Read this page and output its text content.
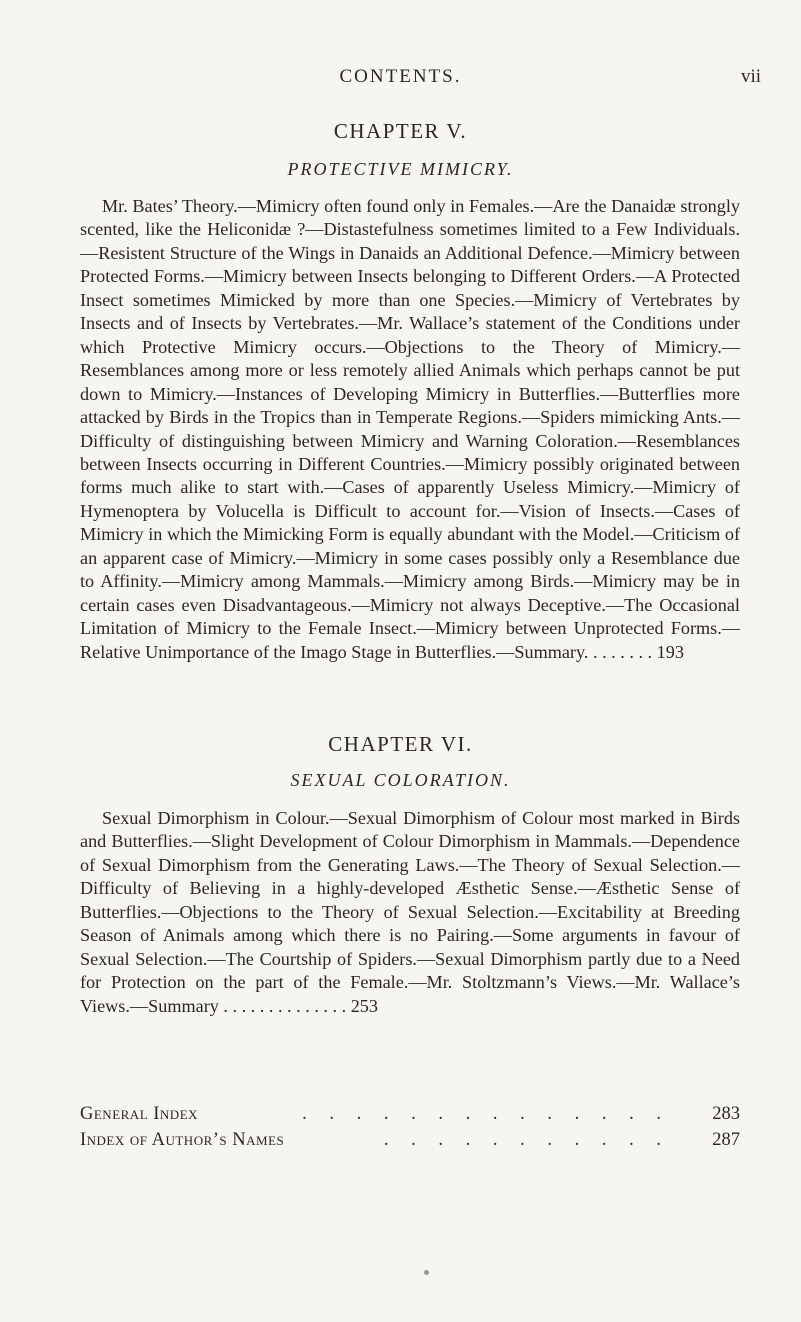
CONTENTS.	vii
CHAPTER V.
PROTECTIVE MIMICRY.

Mr. Bates’ Theory.—Mimicry often found only in Females.—Are the Danaidæ strongly scented, like the Heliconidæ ?—Distastefulness sometimes limited to a Few Individuals.—Resistent Structure of the Wings in Danaids an Additional Defence.—Mimicry between Protected Forms.—Mimicry between Insects belonging to Different Orders.—A Protected Insect sometimes Mimicked by more than one Species.—Mimicry of Vertebrates by Insects and of Insects by Vertebrates.—Mr. Wallace’s statement of the Conditions under which Protective Mimicry occurs.—Objections to the Theory of Mimicry.—Resemblances among more or less remotely allied Animals which perhaps cannot be put down to Mimicry.—Instances of Developing Mimicry in Butterflies.—Butterflies more attacked by Birds in the Tropics than in Temperate Regions.—Spiders mimicking Ants.—Difficulty of distinguishing between Mimicry and Warning Coloration.—Resemblances between Insects occurring in Different Countries.—Mimicry possibly originated between forms much alike to start with.—Cases of apparently Useless Mimicry.—Mimicry of Hymenoptera by Volucella is Difficult to account for.—Vision of Insects.—Cases of Mimicry in which the Mimicking Form is equally abundant with the Model.—Criticism of an apparent case of Mimicry.—Mimicry in some cases possibly only a Resemblance due to Affinity.—Mimicry among Mammals.—Mimicry among Birds.—Mimicry may be in certain cases even Disadvantageous.—Mimicry not always Deceptive.—The Occasional Limitation of Mimicry to the Female Insect.—Mimicry between Unprotected Forms.—Relative Unimportance of the Imago Stage in Butterflies.—Summary. . . . . . . . 193

CHAPTER VI.
SEXUAL COLORATION.

Sexual Dimorphism in Colour.—Sexual Dimorphism of Colour most marked in Birds and Butterflies.—Slight Development of Colour Dimorphism in Mammals.—Dependence of Sexual Dimorphism from the Generating Laws.—The Theory of Sexual Selection.—Difficulty of Believing in a highly-developed Æsthetic Sense.—Æsthetic Sense of Butterflies.—Objections to the Theory of Sexual Selection.—Excitability at Breeding Season of Animals among which there is no Pairing.—Some arguments in favour of Sexual Selection.—The Courtship of Spiders.—Sexual Dimorphism partly due to a Need for Protection on the part of the Female.—Mr. Stoltzmann’s Views.—Mr. Wallace’s Views.—Summary . . . . . . . . . . . . . . 253

General Index	. . . . . . . . . . . . . . 283
Index of Author’s Names	. . . . . . . . . . . 287
